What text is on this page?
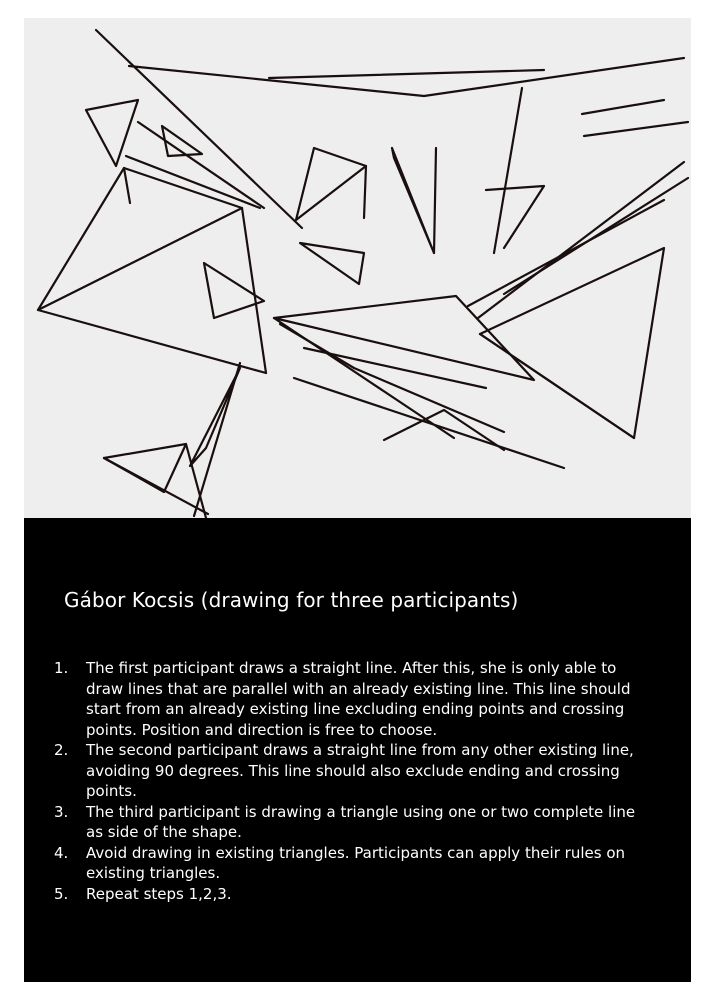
Gábor Kocsis (drawing for three participants)
1.	The first participant draws a straight line. After this, she is only able to draw lines that are parallel with an already existing line. This line should start from an already existing line excluding ending points and crossing points. Position and direction is free to choose.
2.	The second participant draws a straight line from any other existing line, avoiding 90 degrees. This line should also exclude ending and crossing points.
3.	The third participant is drawing a triangle using one or two complete line as side of the shape.
4.	Avoid drawing in existing triangles. Participants can apply their rules on existing triangles.
5.	Repeat steps 1,2,3.
